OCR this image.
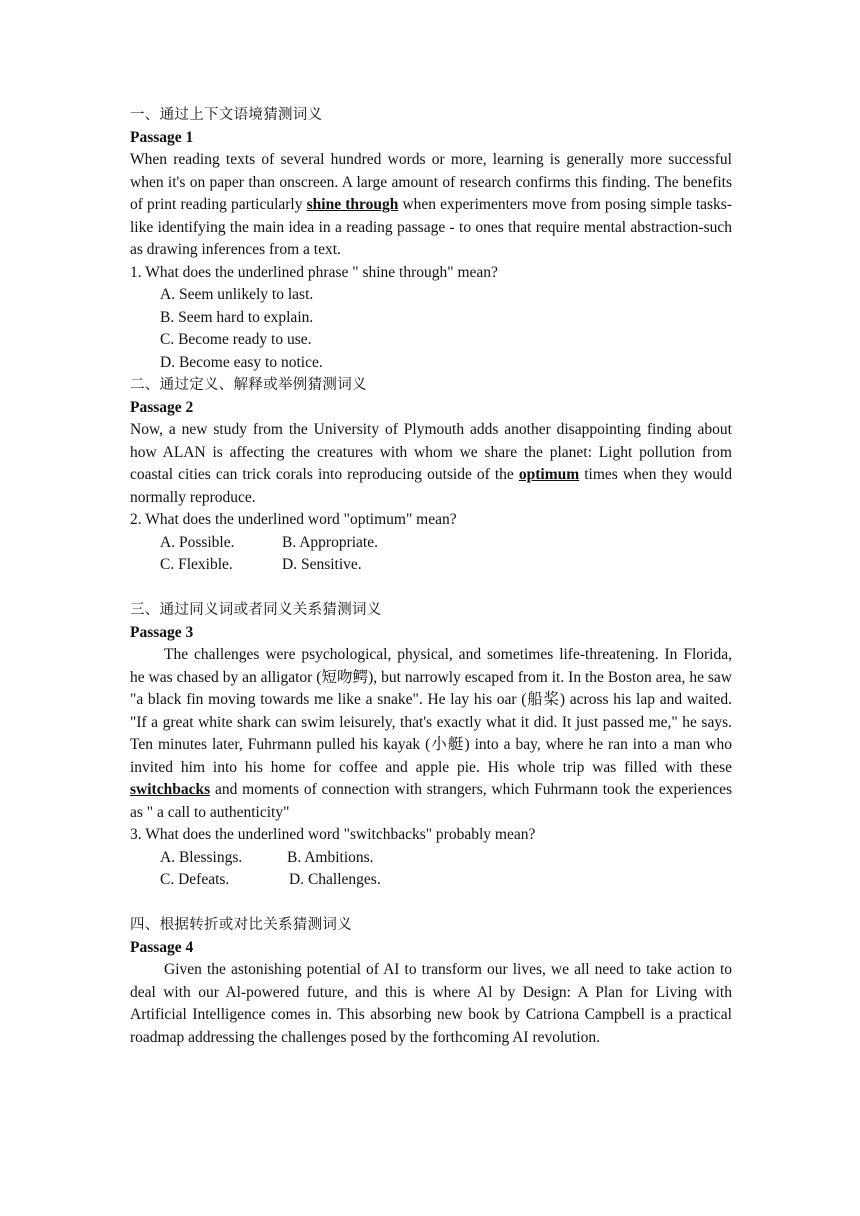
一、通过上下文语境猜测词义
Passage 1
When reading texts of several hundred words or more, learning is generally more successful when it's on paper than onscreen. A large amount of research confirms this finding. The benefits of print reading particularly shine through when experimenters move from posing simple tasks-like identifying the main idea in a reading passage - to ones that require mental abstraction-such as drawing inferences from a text.
1. What does the underlined phrase " shine through" mean?
A. Seem unlikely to last.
B. Seem hard to explain.
C. Become ready to use.
D. Become easy to notice.
二、通过定义、解释或举例猜测词义
Passage 2
Now, a new study from the University of Plymouth adds another disappointing finding about how ALAN is affecting the creatures with whom we share the planet: Light pollution from coastal cities can trick corals into reproducing outside of the optimum times when they would normally reproduce.
2. What does the underlined word "optimum" mean?
A. Possible.	B. Appropriate.
C. Flexible.	D. Sensitive.
三、通过同义词或者同义关系猜测词义
Passage 3
The challenges were psychological, physical, and sometimes life-threatening. In Florida, he was chased by an alligator (短吻鳄), but narrowly escaped from it. In the Boston area, he saw "a black fin moving towards me like a snake". He lay his oar (船桨) across his lap and waited. "If a great white shark can swim leisurely, that's exactly what it did. It just passed me," he says. Ten minutes later, Fuhrmann pulled his kayak (小艇) into a bay, where he ran into a man who invited him into his home for coffee and apple pie. His whole trip was filled with these switchbacks and moments of connection with strangers, which Fuhrmann took the experiences as " a call to authenticity"
3. What does the underlined word "switchbacks" probably mean?
A. Blessings.	B. Ambitions.
C. Defeats.	D. Challenges.
四、根据转折或对比关系猜测词义
Passage 4
Given the astonishing potential of AI to transform our lives, we all need to take action to deal with our Al-powered future, and this is where Al by Design: A Plan for Living with Artificial Intelligence comes in. This absorbing new book by Catriona Campbell is a practical roadmap addressing the challenges posed by the forthcoming AI revolution.
